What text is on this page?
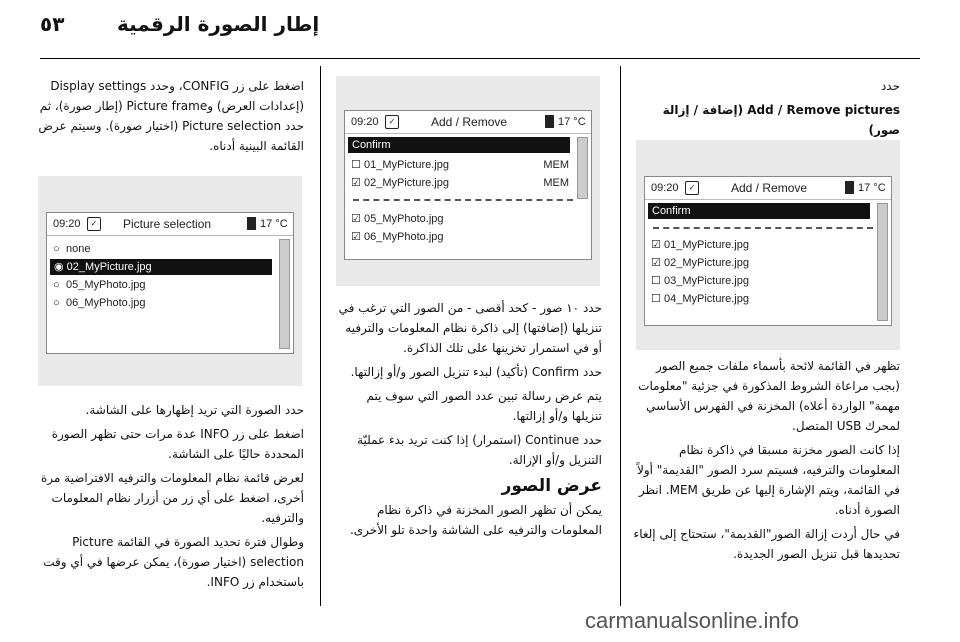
٥٣	إطار الصورة الرقمية

حدد

Add / Remove pictures (إضافة / إزالة صور)

09:20	✓	Add / Remove	17 °C
Confirm
☑ 01_MyPicture.jpg
☑ 02_MyPicture.jpg
☐ 03_MyPicture.jpg
☐ 04_MyPicture.jpg

تظهر في القائمة لائحة بأسماء ملفات جميع الصور (بجب مراعاة الشروط المذكورة في جزئية "معلومات مهمة" الواردة أعلاه) المخزنة في الفهرس الأساسي لمحرك USB المتصل.

إذا كانت الصور مخزنة مسبقا في ذاكرة نظام المعلومات والترفيه، فسيتم سرد الصور "القديمة" أولاً في القائمة، ويتم الإشارة إليها عن طريق MEM. انظر الصورة أدناه.

في حال أردت إزالة الصور"القديمة"، ستحتاج إلى إلغاء تحديدها قبل تنزيل الصور الجديدة.

09:20	✓	Add / Remove	17 °C
Confirm
☐ 01_MyPicture.jpg	MEM
☑ 02_MyPicture.jpg	MEM
☑ 05_MyPhoto.jpg
☑ 06_MyPhoto.jpg

حدد ١٠ صور - كحد أقصى - من الصور التي ترغب في تنزيلها (إضافتها) إلى ذاكرة نظام المعلومات والترفيه أو في استمرار تخزينها على تلك الذاكرة.

حدد Confirm (تأكيد) لبدء تنزيل الصور و/أو إزالتها.

يتم عرض رسالة تبين عدد الصور التي سوف يتم تنزيلها و/أو إزالتها.

حدد Continue (استمرار) إذا كنت تريد بدء عمليّة التنزيل و/أو الإزالة.

عرض الصور

يمكن أن تظهر الصور المخزنة في ذاكرة نظام المعلومات والترفيه على الشاشة واحدة تلو الأخرى.

اضغط على زر CONFIG، وحدد Display settings (إعدادات العرض) وPicture frame (إطار صورة)، ثم حدد Picture selection (اختيار صورة). وسيتم عرض القائمة البينية أدناه.

09:20	✓	Picture selection	17 °C
○ none
◉ 02_MyPicture.jpg
○ 05_MyPhoto.jpg
○ 06_MyPhoto.jpg

حدد الصورة التي تريد إظهارها على الشاشة.

اضغط على زر INFO عدة مرات حتى تظهر الصورة المحددة حاليًا على الشاشة.

لعرض قائمة نظام المعلومات والترفيه الافتراضية مرة أخرى، اضغط على أي زر من أزرار نظام المعلومات والترفيه.

وطوال فترة تحديد الصورة في القائمة Picture selection (اختيار صورة)، يمكن عرضها في أي وقت باستخدام زر INFO.

carmanualsonline.info
